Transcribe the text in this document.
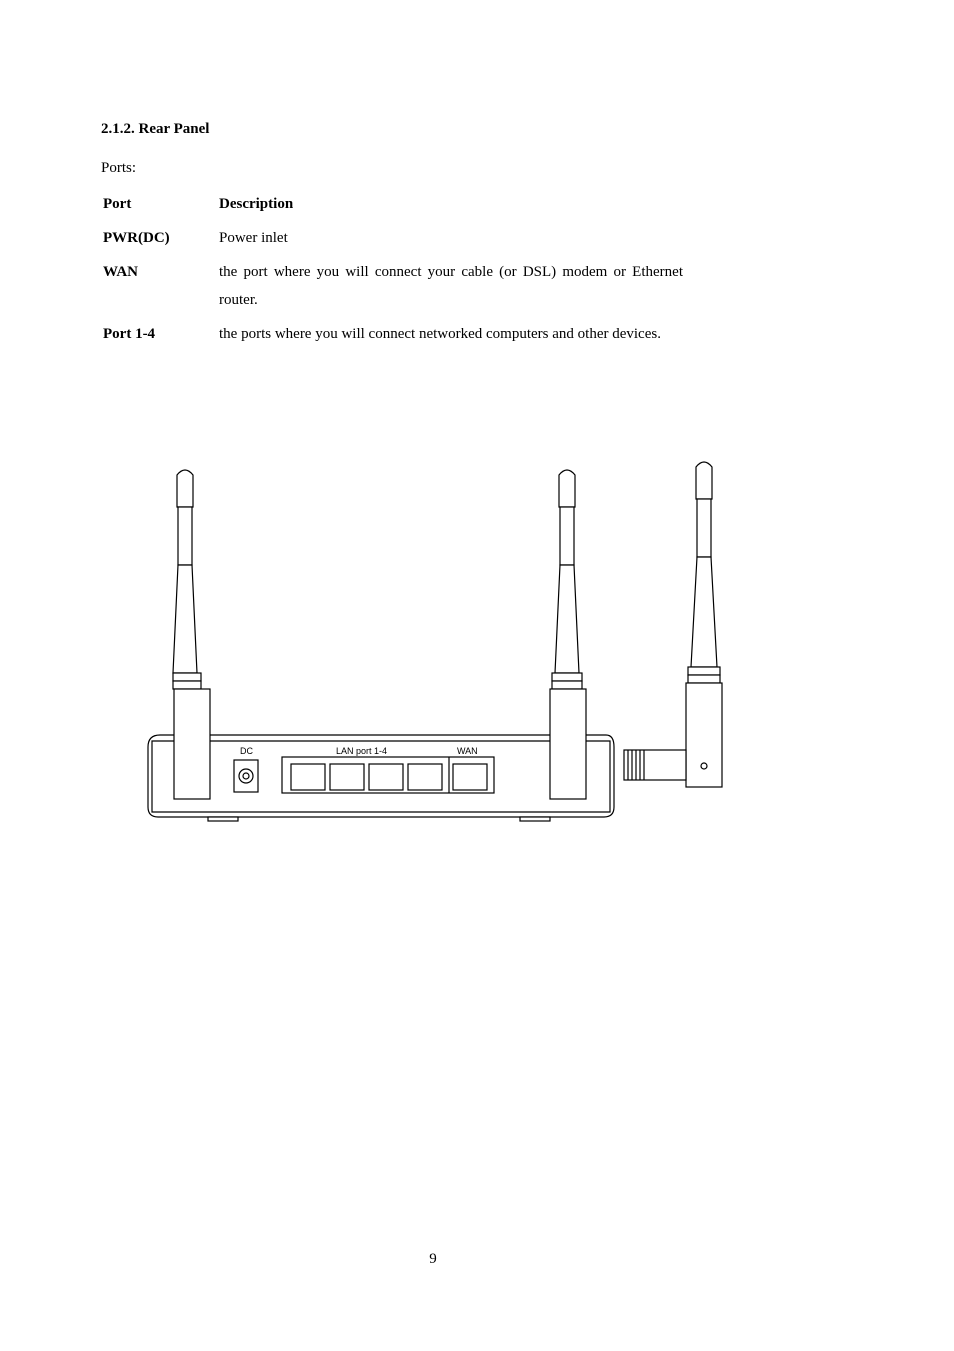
2.1.2. Rear Panel
Ports:
Port	Description
PWR(DC)	Power inlet
WAN	the port where you will connect your cable (or DSL) modem or Ethernet router.
Port 1-4	the ports where you will connect networked computers and other devices.
DC	LAN port 1-4	WAN
9
